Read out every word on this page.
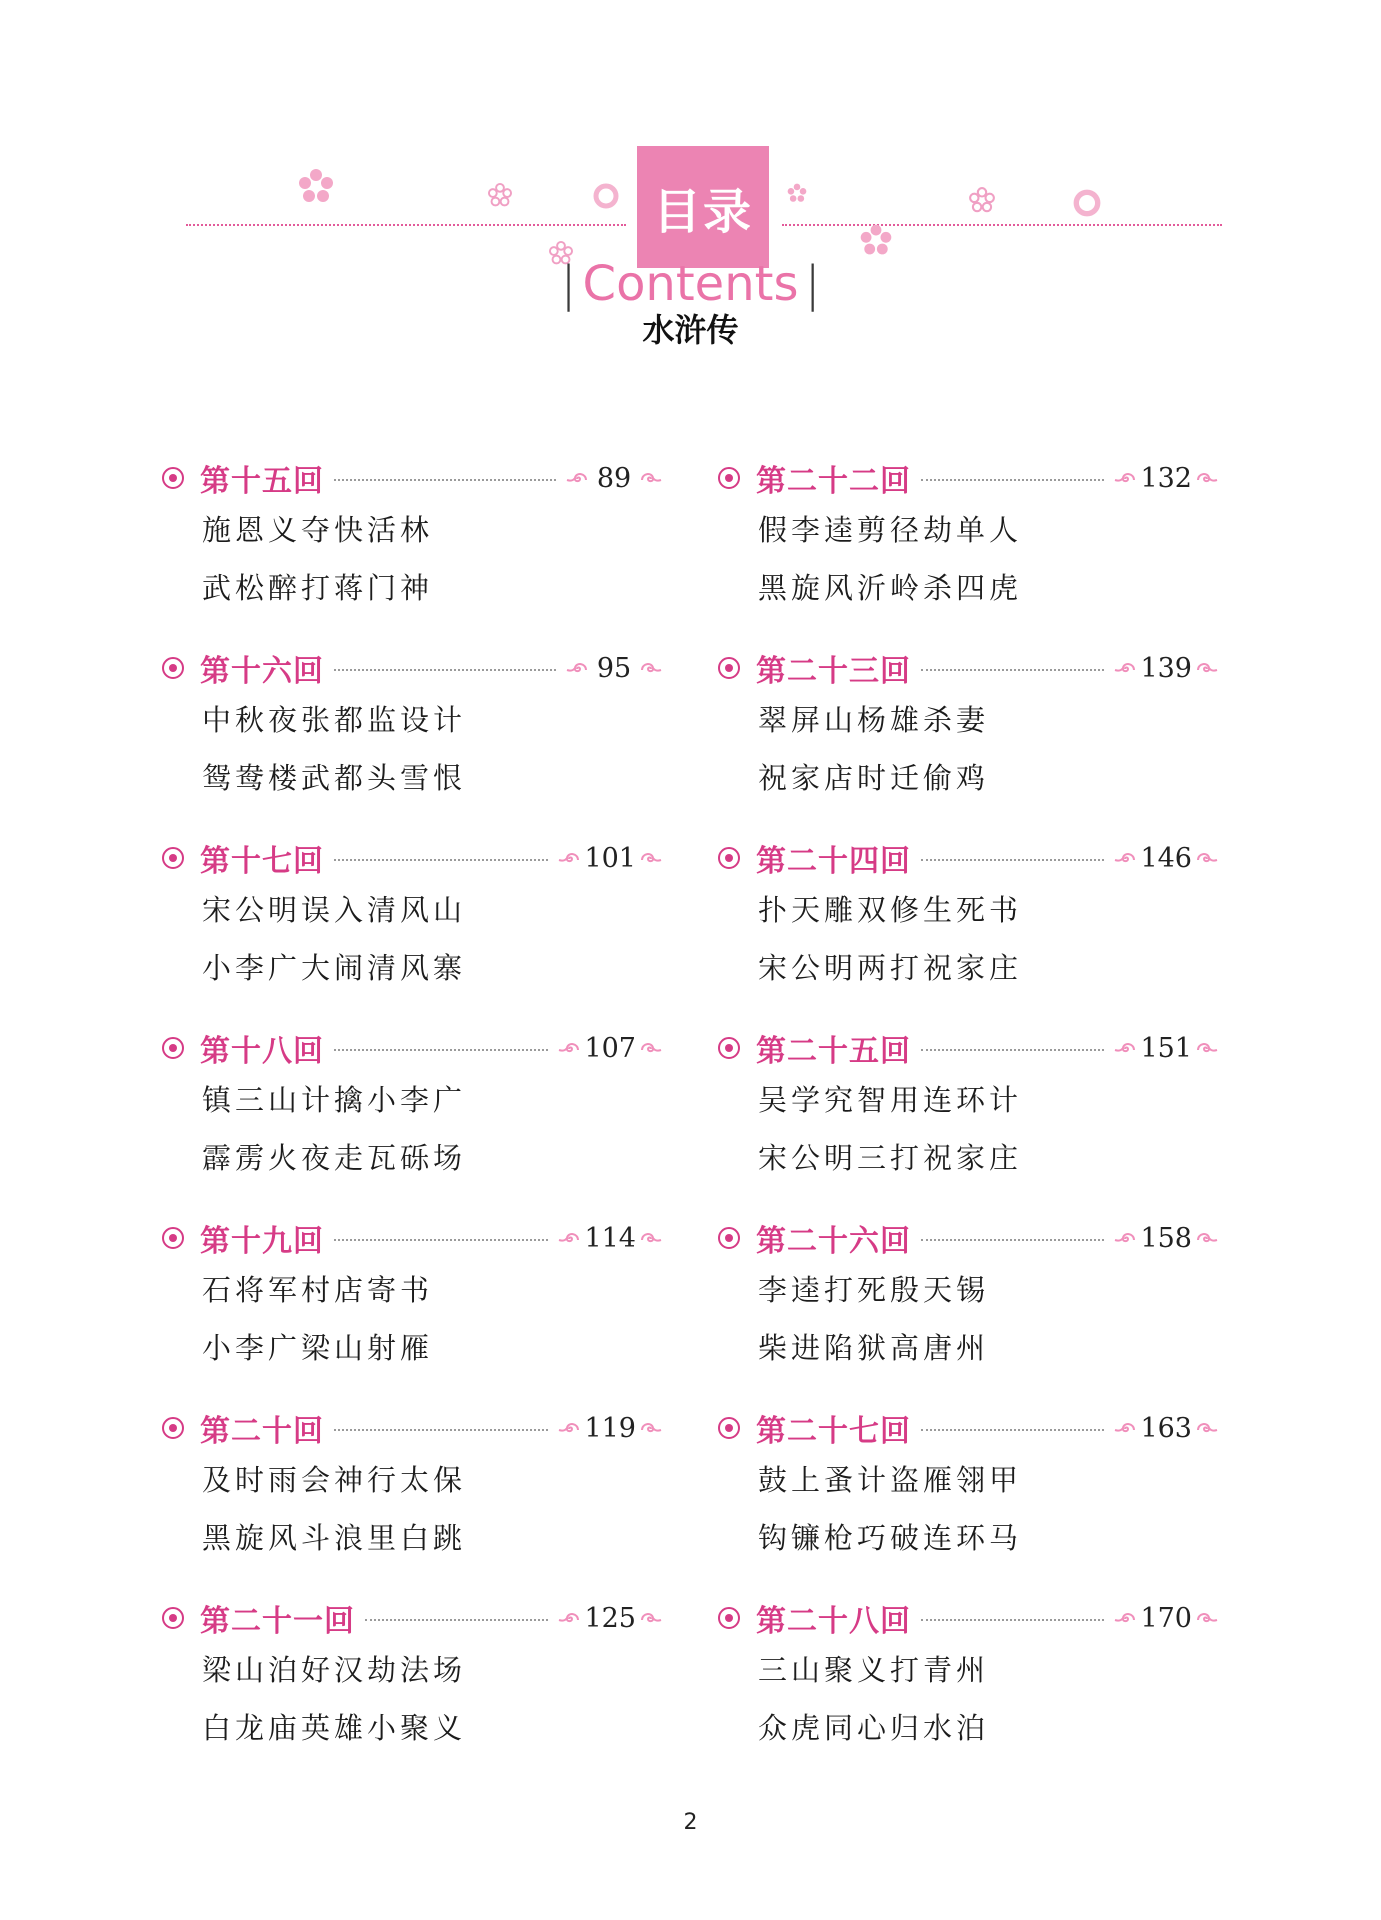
目录
| Contents |
水浒传
第十五回	89
施恩义夺快活林
武松醉打蒋门神
第十六回	95
中秋夜张都监设计
鸳鸯楼武都头雪恨
第十七回	101
宋公明误入清风山
小李广大闹清风寨
第十八回	107
镇三山计擒小李广
霹雳火夜走瓦砾场
第十九回	114
石将军村店寄书
小李广梁山射雁
第二十回	119
及时雨会神行太保
黑旋风斗浪里白跳
第二十一回	125
梁山泊好汉劫法场
白龙庙英雄小聚义
第二十二回	132
假李逵剪径劫单人
黑旋风沂岭杀四虎
第二十三回	139
翠屏山杨雄杀妻
祝家店时迁偷鸡
第二十四回	146
扑天雕双修生死书
宋公明两打祝家庄
第二十五回	151
吴学究智用连环计
宋公明三打祝家庄
第二十六回	158
李逵打死殷天锡
柴进陷狱高唐州
第二十七回	163
鼓上蚤计盗雁翎甲
钩镰枪巧破连环马
第二十八回	170
三山聚义打青州
众虎同心归水泊
2
